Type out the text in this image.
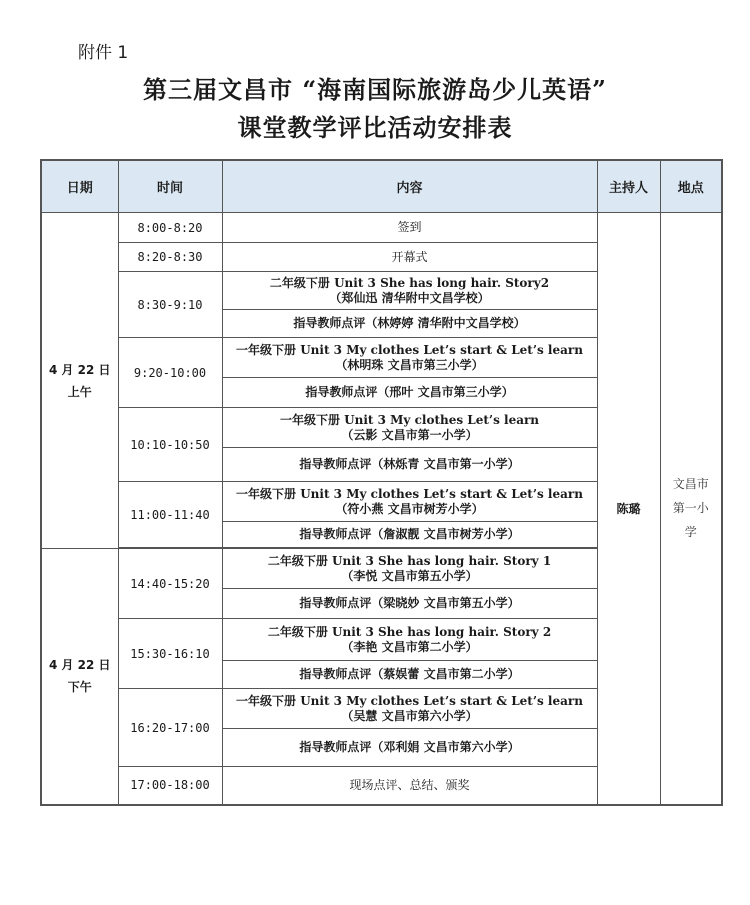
附件 1
第三届文昌市 “海南国际旅游岛少儿英语”
课堂教学评比活动安排表
日期	时间	内容	主持人	地点

4 月 22 日
上午	8:00-8:20	签到	陈璐	文昌市
第一小
学

	8:20-8:30	开幕式		
	8:30-9:10	二年级下册 Unit 3 She has long hair. Story2
（郑仙迅 清华附中文昌学校）		

		指导教师点评（林婷婷 清华附中文昌学校）		
	9:20-10:00	一年级下册 Unit 3 My clothes Let’s start & Let’s learn
（林明珠 文昌市第三小学）		

		指导教师点评（邢叶 文昌市第三小学）		
	10:10-10:50	一年级下册 Unit 3 My clothes Let’s learn
（云影 文昌市第一小学）		

		指导教师点评（林烁青 文昌市第一小学）		
	11:00-11:40	一年级下册 Unit 3 My clothes Let’s start & Let’s learn
（符小燕 文昌市树芳小学）		

		指导教师点评（詹淑靓 文昌市树芳小学）		

4 月 22 日
下午	14:40-15:20	二年级下册 Unit 3 She has long hair. Story 1
（李悦 文昌市第五小学）		

		指导教师点评（梁晓妙 文昌市第五小学）		
	15:30-16:10	二年级下册 Unit 3 She has long hair. Story 2
（李艳 文昌市第二小学）		

		指导教师点评（蔡娱蕾 文昌市第二小学）		
	16:20-17:00	一年级下册 Unit 3 My clothes Let’s start & Let’s learn
（吴慧 文昌市第六小学）		

		指导教师点评（邓利娟 文昌市第六小学）		
	17:00-18:00	现场点评、总结、颁奖		
